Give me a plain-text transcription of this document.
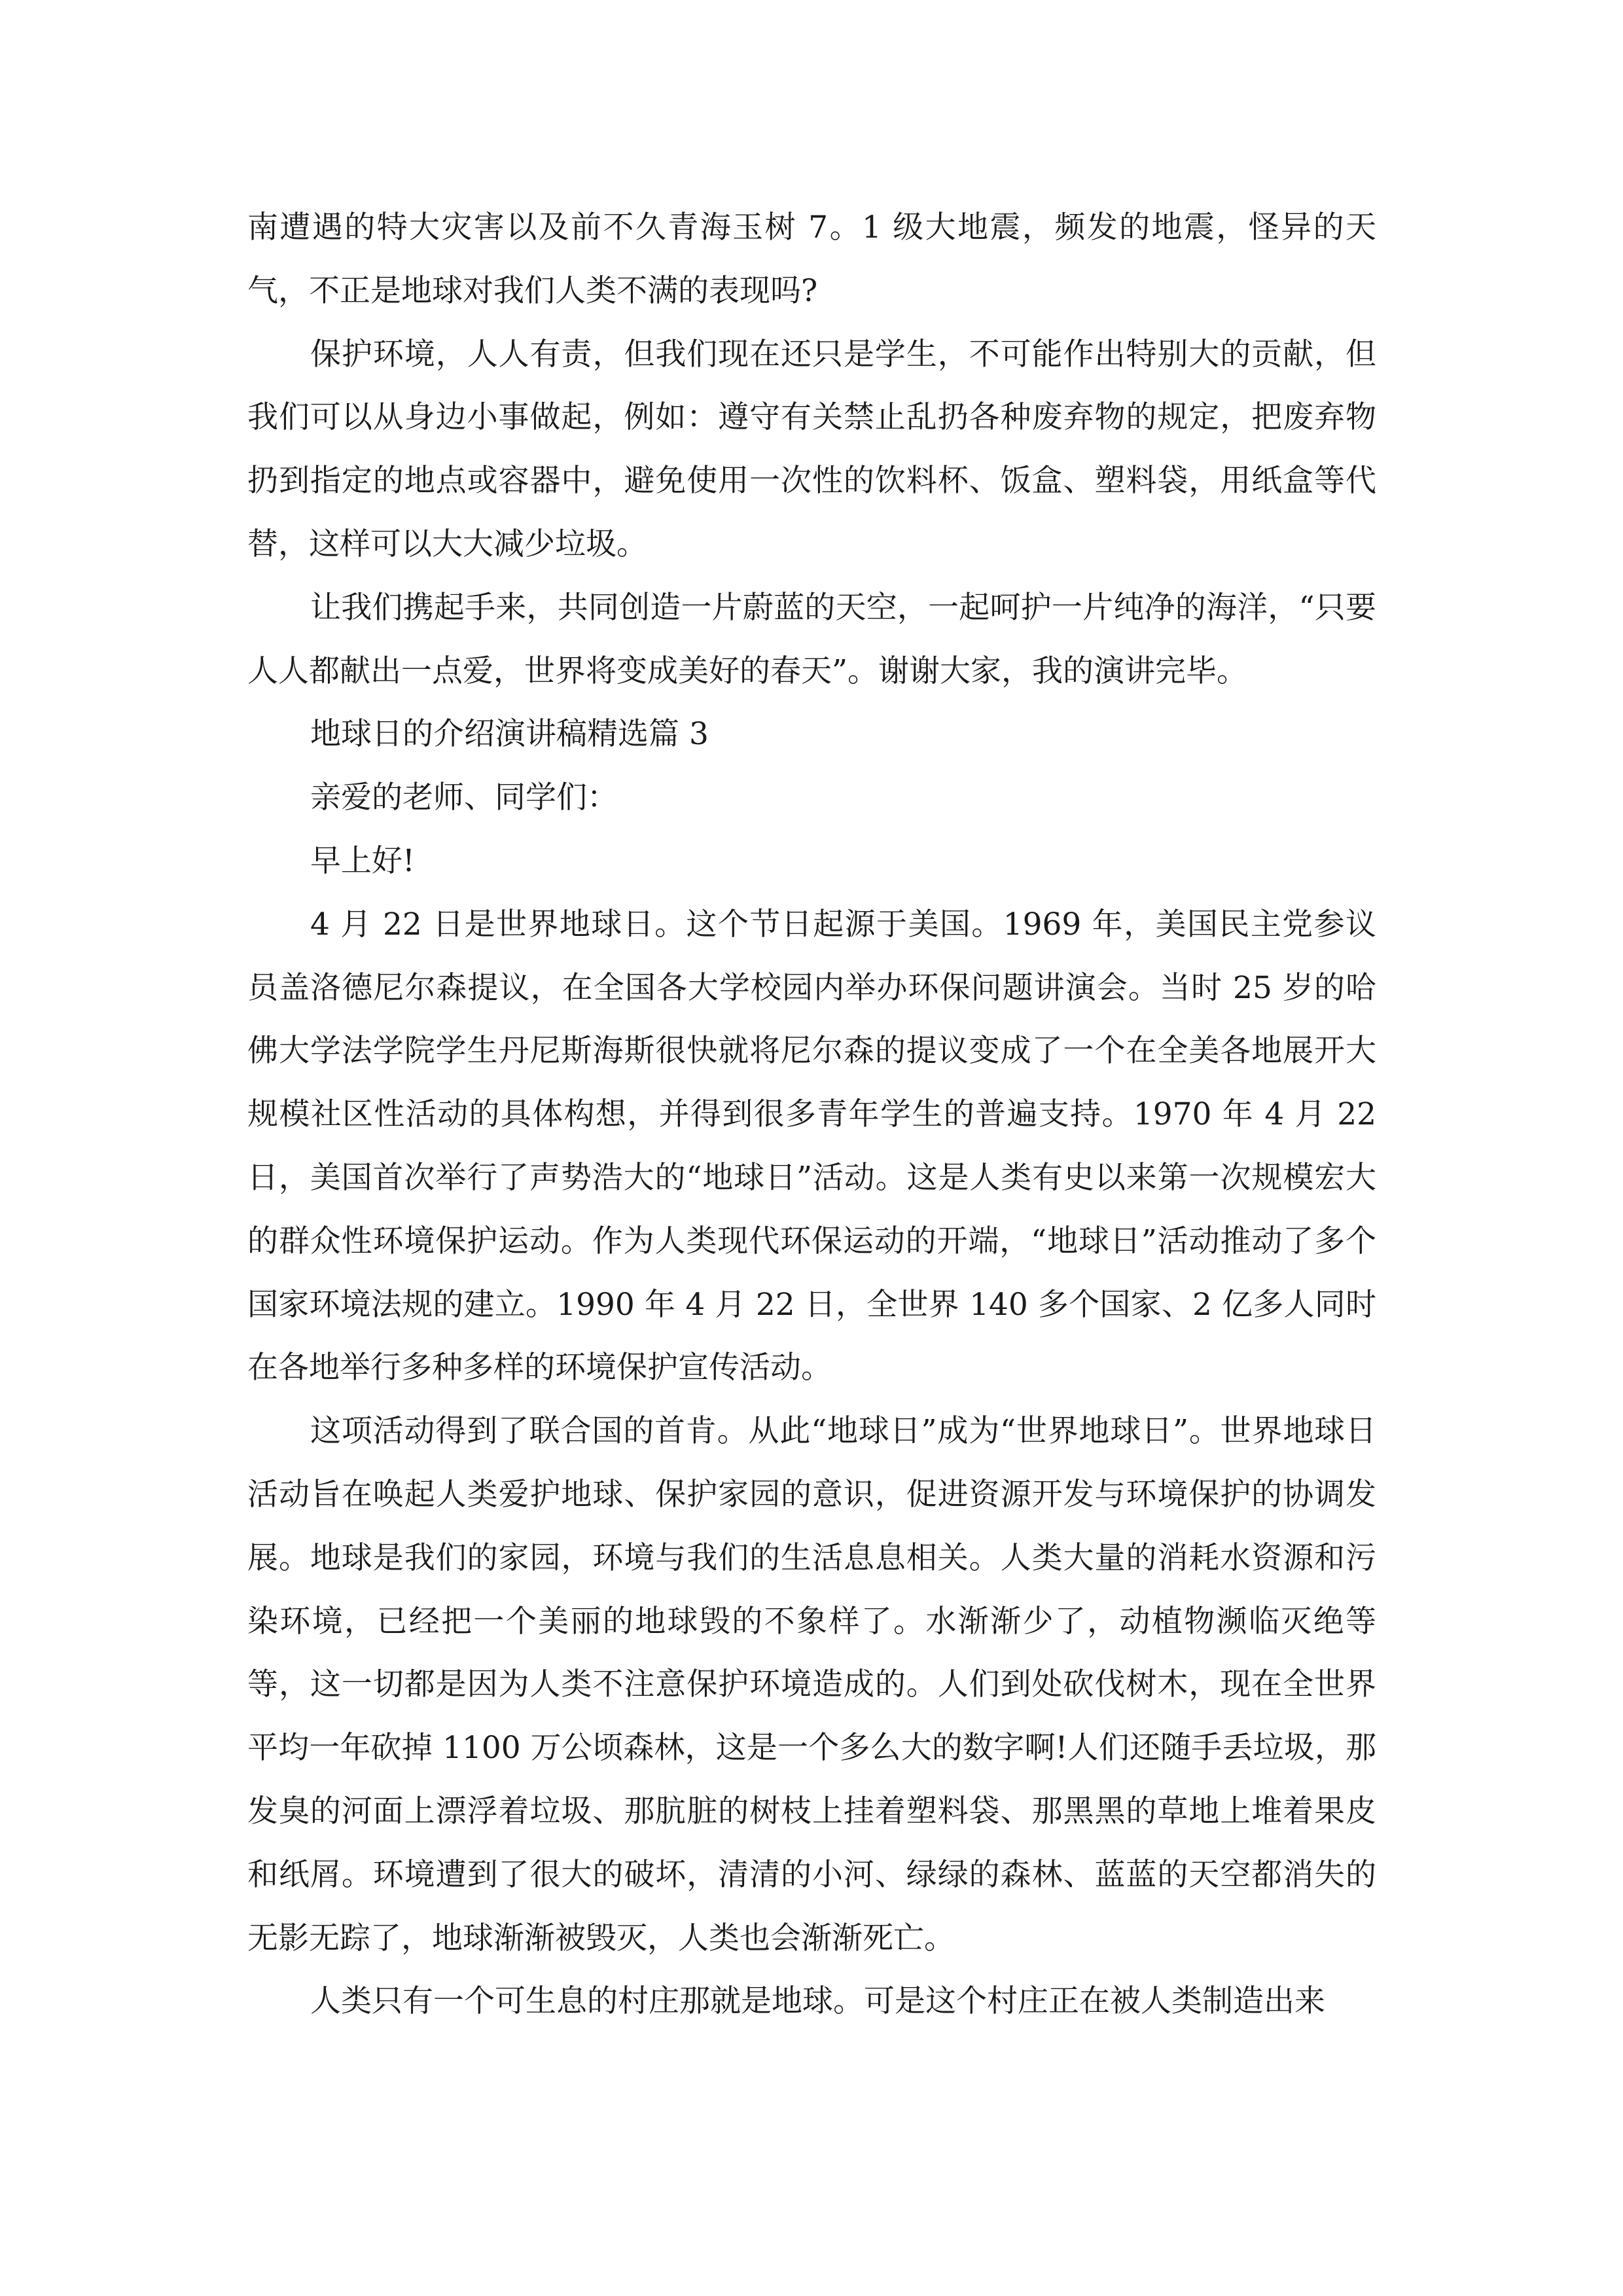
南遭遇的特大灾害以及前不久青海玉树 7。1 级大地震，频发的地震，怪异的天气，不正是地球对我们人类不满的表现吗?

保护环境，人人有责，但我们现在还只是学生，不可能作出特别大的贡献，但我们可以从身边小事做起，例如：遵守有关禁止乱扔各种废弃物的规定，把废弃物扔到指定的地点或容器中，避免使用一次性的饮料杯、饭盒、塑料袋，用纸盒等代替，这样可以大大减少垃圾。

让我们携起手来，共同创造一片蔚蓝的天空，一起呵护一片纯净的海洋，“只要人人都献出一点爱，世界将变成美好的春天”。谢谢大家，我的演讲完毕。

地球日的介绍演讲稿精选篇 3

亲爱的老师、同学们：

早上好!

4 月 22 日是世界地球日。这个节日起源于美国。1969 年，美国民主党参议员盖洛德尼尔森提议，在全国各大学校园内举办环保问题讲演会。当时 25 岁的哈佛大学法学院学生丹尼斯海斯很快就将尼尔森的提议变成了一个在全美各地展开大规模社区性活动的具体构想，并得到很多青年学生的普遍支持。1970 年 4 月 22 日，美国首次举行了声势浩大的“地球日”活动。这是人类有史以来第一次规模宏大的群众性环境保护运动。作为人类现代环保运动的开端，“地球日”活动推动了多个国家环境法规的建立。1990 年 4 月 22 日，全世界 140 多个国家、2 亿多人同时在各地举行多种多样的环境保护宣传活动。

这项活动得到了联合国的首肯。从此“地球日”成为“世界地球日”。世界地球日活动旨在唤起人类爱护地球、保护家园的意识，促进资源开发与环境保护的协调发展。地球是我们的家园，环境与我们的生活息息相关。人类大量的消耗水资源和污染环境，已经把一个美丽的地球毁的不象样了。水渐渐少了，动植物濒临灭绝等等，这一切都是因为人类不注意保护环境造成的。人们到处砍伐树木，现在全世界平均一年砍掉 1100 万公顷森林，这是一个多么大的数字啊!人们还随手丢垃圾，那发臭的河面上漂浮着垃圾、那肮脏的树枝上挂着塑料袋、那黑黑的草地上堆着果皮和纸屑。环境遭到了很大的破坏，清清的小河、绿绿的森林、蓝蓝的天空都消失的无影无踪了，地球渐渐被毁灭，人类也会渐渐死亡。

人类只有一个可生息的村庄那就是地球。可是这个村庄正在被人类制造出来
